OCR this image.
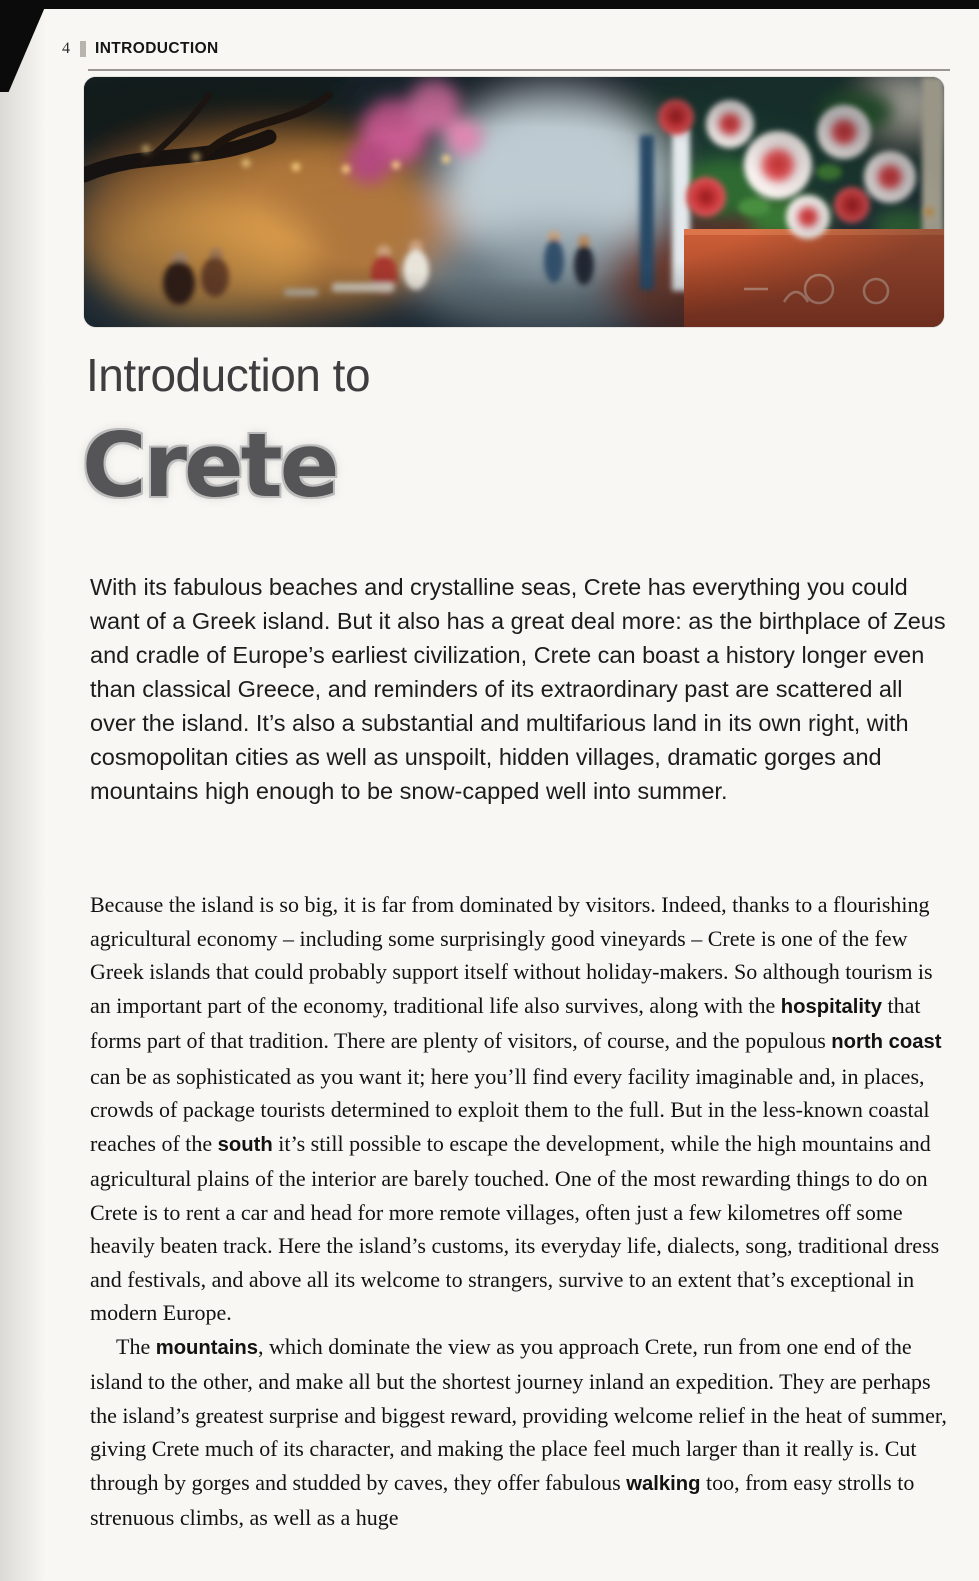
4 INTRODUCTION
Introduction to
Crete

With its fabulous beaches and crystalline seas, Crete has everything you could want of a Greek island. But it also has a great deal more: as the birthplace of Zeus and cradle of Europe’s earliest civilization, Crete can boast a history longer even than classical Greece, and reminders of its extraordinary past are scattered all over the island. It’s also a substantial and multifarious land in its own right, with cosmopolitan cities as well as unspoilt, hidden villages, dramatic gorges and mountains high enough to be snow-capped well into summer.

Because the island is so big, it is far from dominated by visitors. Indeed, thanks to a flourishing agricultural economy – including some surprisingly good vineyards – Crete is one of the few Greek islands that could probably support itself without holiday-makers. So although tourism is an important part of the economy, traditional life also survives, along with the hospitality that forms part of that tradition. There are plenty of visitors, of course, and the populous north coast can be as sophisticated as you want it; here you’ll find every facility imaginable and, in places, crowds of package tourists determined to exploit them to the full. But in the less-known coastal reaches of the south it’s still possible to escape the development, while the high mountains and agricultural plains of the interior are barely touched. One of the most rewarding things to do on Crete is to rent a car and head for more remote villages, often just a few kilometres off some heavily beaten track. Here the island’s customs, its everyday life, dialects, song, traditional dress and festivals, and above all its welcome to strangers, survive to an extent that’s exceptional in modern Europe.

The mountains, which dominate the view as you approach Crete, run from one end of the island to the other, and make all but the shortest journey inland an expedition. They are perhaps the island’s greatest surprise and biggest reward, providing welcome relief in the heat of summer, giving Crete much of its character, and making the place feel much larger than it really is. Cut through by gorges and studded by caves, they offer fabulous walking too, from easy strolls to strenuous climbs, as well as a huge
